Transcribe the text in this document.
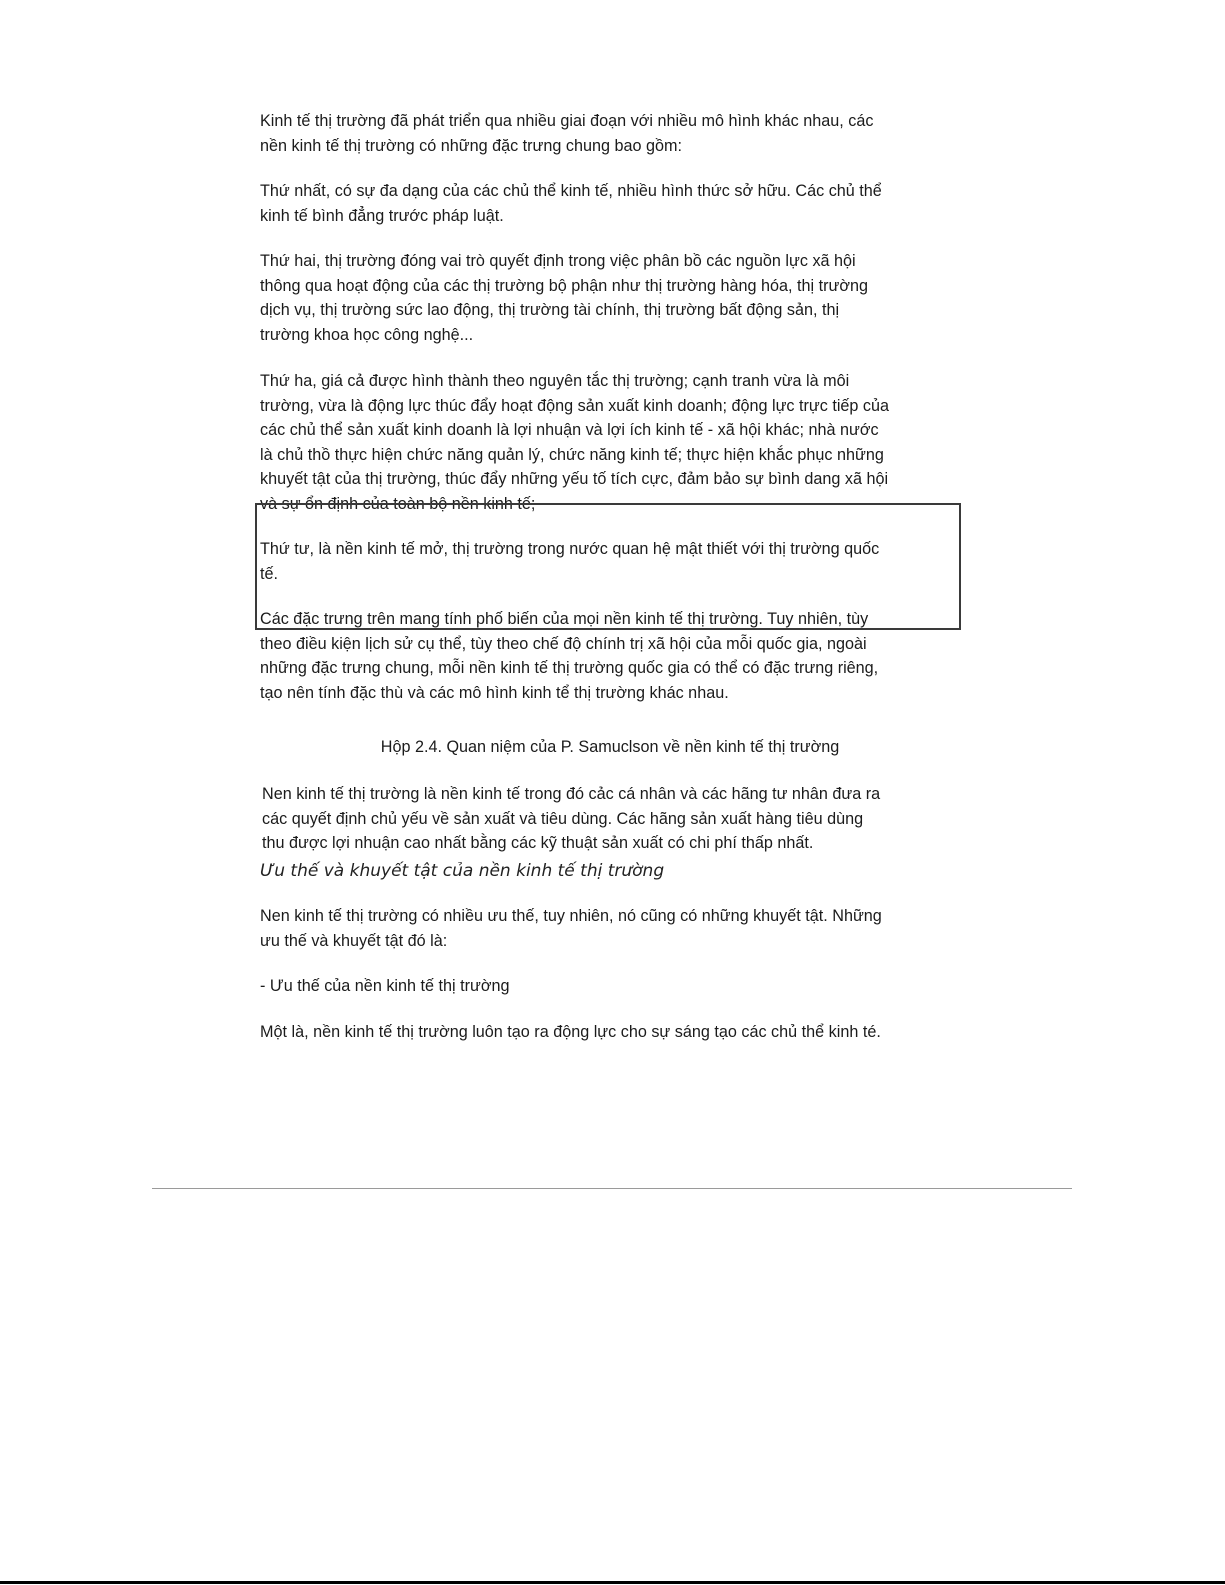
Kinh tế thị trường đã phát triển qua nhiều giai đoạn với nhiều mô hình khác nhau, các
nền kinh tế thị trường có những đặc trưng chung bao gồm:

Thứ nhất, có sự đa dạng của các chủ thể kinh tế, nhiều hình thức sở hữu. Các chủ thể
kinh tế bình đẳng trước pháp luật.

Thứ hai, thị trường đóng vai trò quyết định trong việc phân bồ các nguồn lực xã hội
thông qua hoạt động của các thị trường bộ phận như thị trường hàng hóa, thị trường
dịch vụ, thị trường sức lao động, thị trường tài chính, thị trường bất động sản, thị
trường khoa học công nghệ...

Thứ ha, giá cả được hình thành theo nguyên tắc thị trường; cạnh tranh vừa là môi
trường, vừa là động lực thúc đẩy hoạt động sản xuất kinh doanh; động lực trực tiếp của
các chủ thể sản xuất kinh doanh là lợi nhuận và lợi ích kinh tế - xã hội khác; nhà nước
là chủ thồ thực hiện chức năng quản lý, chức năng kinh tế; thực hiện khắc phục những
khuyết tật của thị trường, thúc đẩy những yếu tố tích cực, đảm bảo sự bình dang xã hội
và sự ổn định của toàn bộ nền kinh tế;

Thứ tư, là nền kinh tế mở, thị trường trong nước quan hệ mật thiết với thị trường quốc
tế.

Các đặc trưng trên mang tính phố biến của mọi nền kinh tế thị trường. Tuy nhiên, tùy
theo điều kiện lịch sử cụ thể, tùy theo chế độ chính trị xã hội của mỗi quốc gia, ngoài
những đặc trưng chung, mỗi nền kinh tế thị trường quốc gia có thể có đặc trưng riêng,
tạo nên tính đặc thù và các mô hình kinh tể thị trường khác nhau.

Hộp 2.4. Quan niệm của P. Samuclson về nền kinh tế thị trường

Nen kinh tế thị trường là nền kinh tế trong đó cảc cá nhân và các hãng tư nhân đưa ra
các quyết định chủ yếu về sản xuất và tiêu dùng. Các hãng sản xuất hàng tiêu dùng
thu được lợi nhuận cao nhất bằng các kỹ thuật sản xuất có chi phí thấp nhất.

Ưu thế và khuyết tật của nền kinh tế thị trường

Nen kinh tế thị trường có nhiều ưu thế, tuy nhiên, nó cũng có những khuyết tật. Những
ưu thế và khuyết tật đó là:

- Ưu thế của nền kinh tế thị trường

Một là, nền kinh tế thị trường luôn tạo ra động lực cho sự sáng tạo các chủ thể kinh té.
